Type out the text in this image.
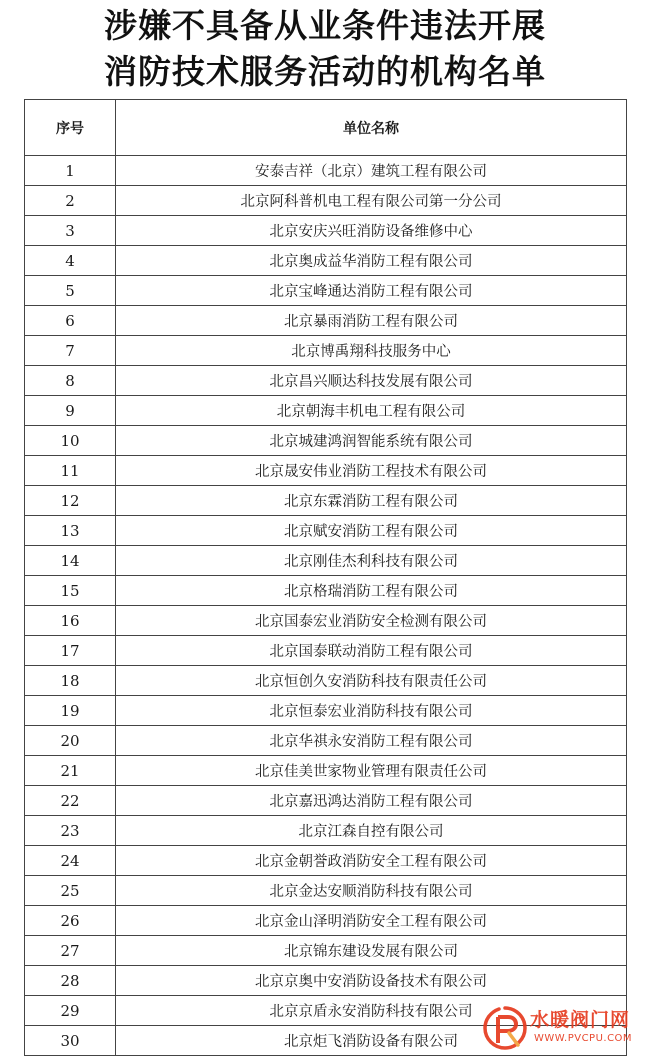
涉嫌不具备从业条件违法开展
消防技术服务活动的机构名单
序号	单位名称
1	安泰吉祥（北京）建筑工程有限公司
2	北京阿科普机电工程有限公司第一分公司
3	北京安庆兴旺消防设备维修中心
4	北京奥成益华消防工程有限公司
5	北京宝峰通达消防工程有限公司
6	北京暴雨消防工程有限公司
7	北京博禹翔科技服务中心
8	北京昌兴顺达科技发展有限公司
9	北京朝海丰机电工程有限公司
10	北京城建鸿润智能系统有限公司
11	北京晟安伟业消防工程技术有限公司
12	北京东霖消防工程有限公司
13	北京赋安消防工程有限公司
14	北京刚佳杰利科技有限公司
15	北京格瑞消防工程有限公司
16	北京国泰宏业消防安全检测有限公司
17	北京国泰联动消防工程有限公司
18	北京恒创久安消防科技有限责任公司
19	北京恒泰宏业消防科技有限公司
20	北京华祺永安消防工程有限公司
21	北京佳美世家物业管理有限责任公司
22	北京嘉迅鸿达消防工程有限公司
23	北京江森自控有限公司
24	北京金朝誉政消防安全工程有限公司
25	北京金达安顺消防科技有限公司
26	北京金山泽明消防安全工程有限公司
27	北京锦东建设发展有限公司
28	北京京奥中安消防设备技术有限公司
29	北京京盾永安消防科技有限公司
30	北京炬飞消防设备有限公司
水暖阀门网
WWW.PVCPU.COM
